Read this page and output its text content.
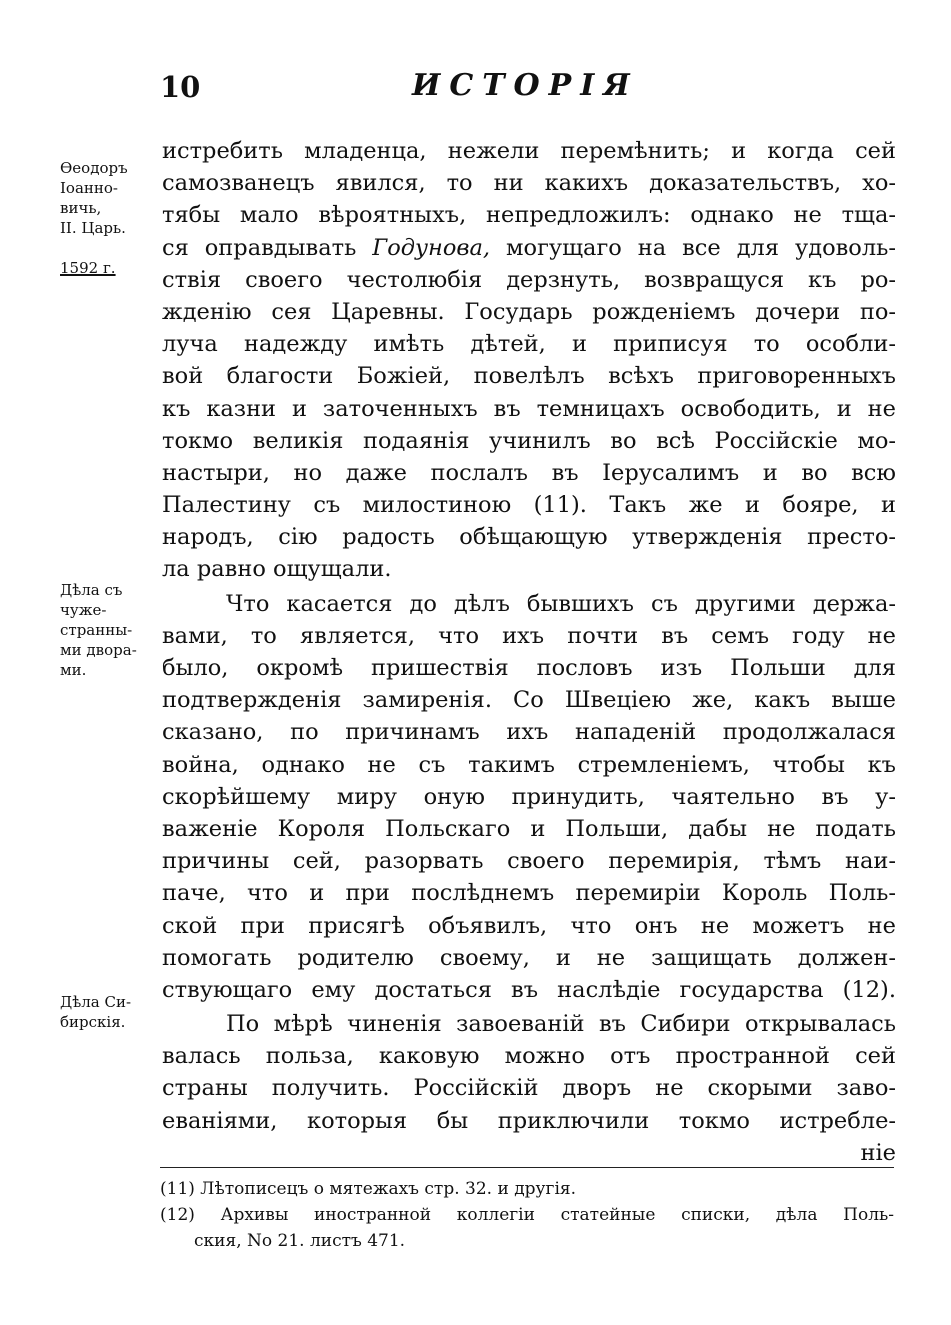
10	ИСТОРІЯ

Ѳеодоръ
Іоанно-
вичь,
II. Царь.

1592 г.

Дѣла съ
чуже-
странны-
ми двора-
ми.
Дѣла Си-
бирскія.
истребить младенца, нежели перемѣнить; и когда сей
самозванецъ явился, то ни какихъ доказательствъ, хо-
тябы мало вѣроятныхъ, непредложилъ: однако не тща-
ся оправдывать Годунова, могущаго на все для удоволь-
ствія своего честолюбія дерзнуть, возвращуся къ ро-
жденію сея Царевны. Государь рожденіемъ дочери по-
луча надежду имѣть дѣтей, и приписуя то особли-
вой благости Божіей, повелѣлъ всѣхъ приговоренныхъ
къ казни и заточенныхъ въ темницахъ освободить, и не
токмо великія подаянія учинилъ во всѣ Россійскіе мо-
настыри, но даже послалъ въ Іерусалимъ и во всю
Палестину съ милостиною (11). Такъ же и бояре, и
народъ, сію радость обѣщающую утвержденія престо-
ла равно ощущали.
Что касается до дѣлъ бывшихъ съ другими держа-
вами, то является, что ихъ почти въ семъ году не
было, окромѣ пришествія пословъ изъ Польши для
подтвержденія замиренія. Со Швеціею же, какъ выше
сказано, по причинамъ ихъ нападеній продолжалася
война, однако не съ такимъ стремленіемъ, чтобы къ
скорѣйшему миру оную принудить, чаятельно въ у-
важеніе Короля Польскаго и Польши, дабы не подать
причины сей, разорвать своего перемирія, тѣмъ наи-
паче, что и при послѣднемъ перемиріи Король Поль-
ской при присягѣ объявилъ, что онъ не можетъ не
помогать родителю своему, и не защищать должен-
ствующаго ему достаться въ наслѣдіе государства (12).
По мѣрѣ чиненія завоеваній въ Сибири открывалась
валась польза, каковую можно отъ пространной сей
страны получить. Россійскій дворъ не скорыми заво-
еваніями, которыя бы приключили токмо истребле-
ніе
(11) Лѣтописецъ о мятежахъ стр. 32. и другія.
(12) Архивы иностранной коллегіи статейные списки, дѣла Поль-
ския, No 21. листъ 471.
